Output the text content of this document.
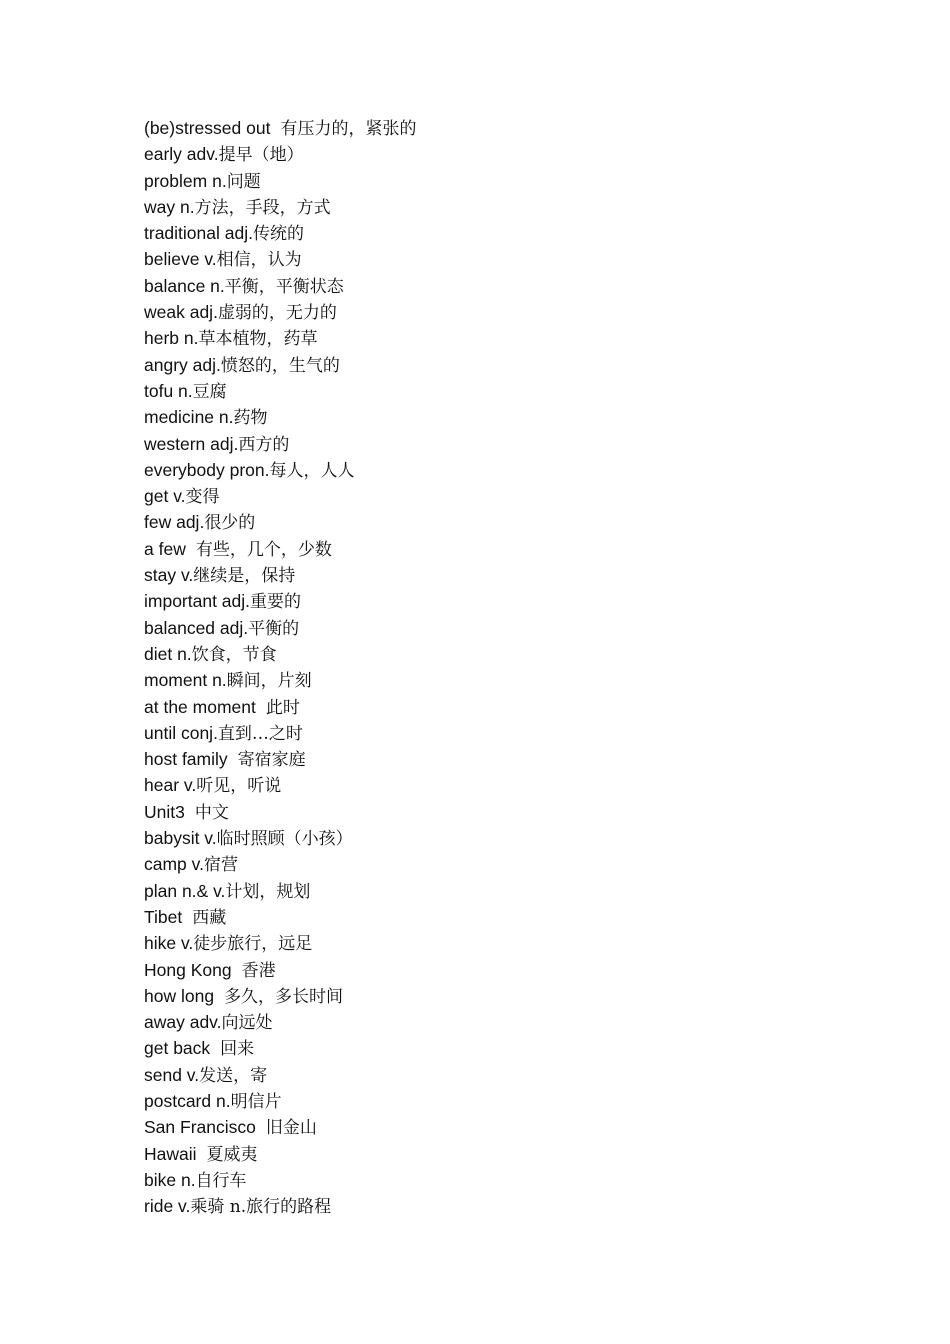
(be)stressed out 有压力的，紧张的
early adv.提早（地）
problem n.问题
way n.方法，手段，方式
traditional adj.传统的
believe v.相信，认为
balance n.平衡，平衡状态
weak adj.虚弱的，无力的
herb n.草本植物，药草
angry adj.愤怒的，生气的
tofu n.豆腐
medicine n.药物
western adj.西方的
everybody pron.每人，人人
get v.变得
few adj.很少的
a few 有些，几个，少数
stay v.继续是，保持
important adj.重要的
balanced adj.平衡的
diet n.饮食，节食
moment n.瞬间，片刻
at the moment 此时
until conj.直到…之时
host family 寄宿家庭
hear v.听见，听说
Unit3 中文
babysit v.临时照顾（小孩）
camp v.宿营
plan n.& v.计划，规划
Tibet 西藏
hike v.徒步旅行，远足
Hong Kong 香港
how long 多久，多长时间
away adv.向远处
get back 回来
send v.发送，寄
postcard n.明信片
San Francisco 旧金山
Hawaii 夏威夷
bike n.自行车
ride v.乘骑 n.旅行的路程
